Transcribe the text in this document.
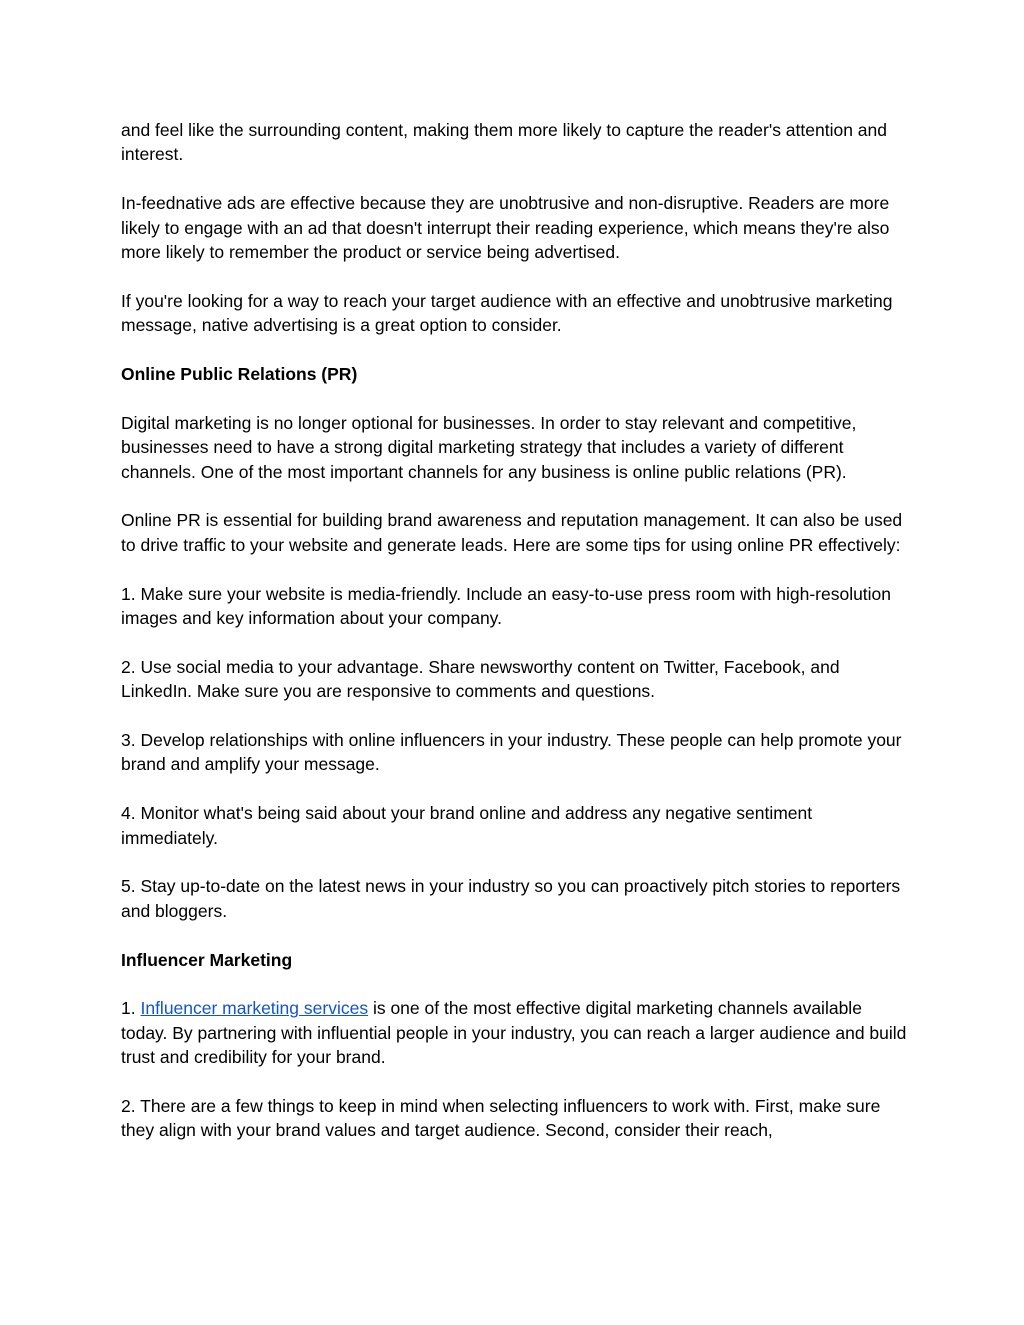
and feel like the surrounding content, making them more likely to capture the reader's attention and interest.

In-feednative ads are effective because they are unobtrusive and non-disruptive. Readers are more likely to engage with an ad that doesn't interrupt their reading experience, which means they're also more likely to remember the product or service being advertised.

If you're looking for a way to reach your target audience with an effective and unobtrusive marketing message, native advertising is a great option to consider.

Online Public Relations (PR)

Digital marketing is no longer optional for businesses. In order to stay relevant and competitive, businesses need to have a strong digital marketing strategy that includes a variety of different channels. One of the most important channels for any business is online public relations (PR).

Online PR is essential for building brand awareness and reputation management. It can also be used to drive traffic to your website and generate leads. Here are some tips for using online PR effectively:

1. Make sure your website is media-friendly. Include an easy-to-use press room with high-resolution images and key information about your company.

2. Use social media to your advantage. Share newsworthy content on Twitter, Facebook, and LinkedIn. Make sure you are responsive to comments and questions.

3. Develop relationships with online influencers in your industry. These people can help promote your brand and amplify your message.

4. Monitor what's being said about your brand online and address any negative sentiment immediately.

5. Stay up-to-date on the latest news in your industry so you can proactively pitch stories to reporters and bloggers.

Influencer Marketing

1. Influencer marketing services is one of the most effective digital marketing channels available today. By partnering with influential people in your industry, you can reach a larger audience and build trust and credibility for your brand.

2. There are a few things to keep in mind when selecting influencers to work with. First, make sure they align with your brand values and target audience. Second, consider their reach,
